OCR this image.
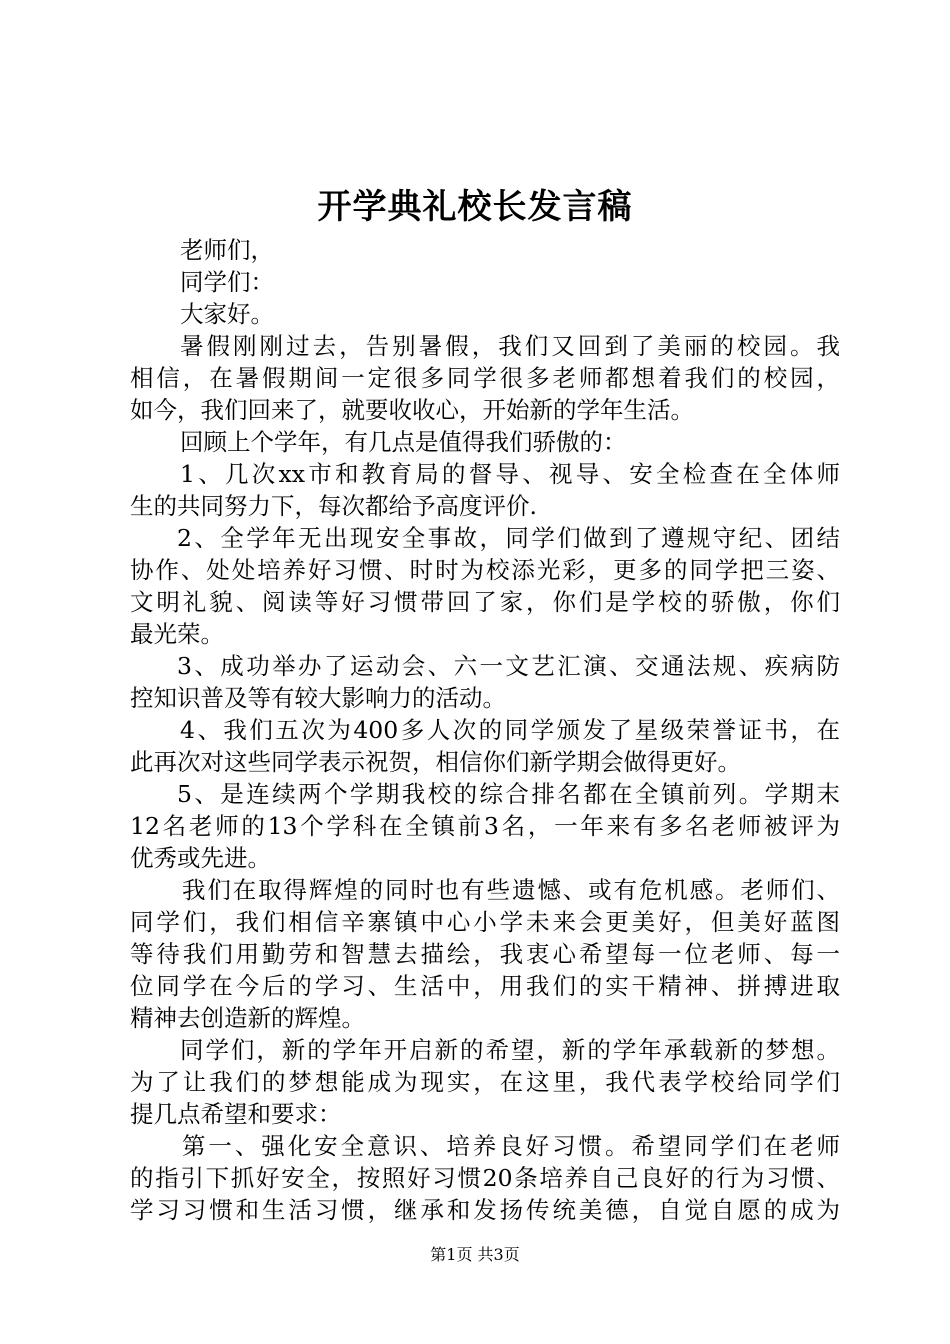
开学典礼校长发言稿
老师们，
同学们：
大家好。
暑假刚刚过去，告别暑假，我们又回到了美丽的校园。我
相信，在暑假期间一定很多同学很多老师都想着我们的校园，
如今，我们回来了，就要收收心，开始新的学年生活。
回顾上个学年，有几点是值得我们骄傲的：
1、几次xx市和教育局的督导、视导、安全检查在全体师
生的共同努力下，每次都给予高度评价.
2、全学年无出现安全事故，同学们做到了遵规守纪、团结
协作、处处培养好习惯、时时为校添光彩，更多的同学把三姿、
文明礼貌、阅读等好习惯带回了家，你们是学校的骄傲，你们
最光荣。
3、成功举办了运动会、六一文艺汇演、交通法规、疾病防
控知识普及等有较大影响力的活动。
4、我们五次为400多人次的同学颁发了星级荣誉证书，在
此再次对这些同学表示祝贺，相信你们新学期会做得更好。
5、是连续两个学期我校的综合排名都在全镇前列。学期末
12名老师的13个学科在全镇前3名，一年来有多名老师被评为
优秀或先进。
我们在取得辉煌的同时也有些遗憾、或有危机感。老师们、
同学们，我们相信辛寨镇中心小学未来会更美好，但美好蓝图
等待我们用勤劳和智慧去描绘，我衷心希望每一位老师、每一
位同学在今后的学习、生活中，用我们的实干精神、拼搏进取
精神去创造新的辉煌。
同学们，新的学年开启新的希望，新的学年承载新的梦想。
为了让我们的梦想能成为现实，在这里，我代表学校给同学们
提几点希望和要求：
第一、强化安全意识、培养良好习惯。希望同学们在老师
的指引下抓好安全，按照好习惯20条培养自己良好的行为习惯、
学习习惯和生活习惯，继承和发扬传统美德，自觉自愿的成为
第1页 共3页
